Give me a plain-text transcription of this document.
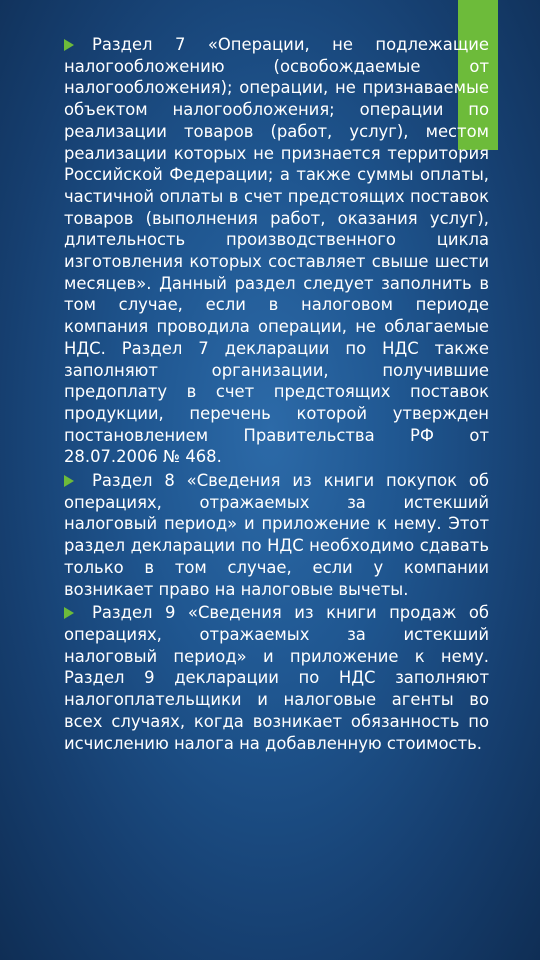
Раздел 7 «Операции, не подлежащие налогообложению (освобождаемые от налогообложения); операции, не признаваемые объектом налогообложения; операции по реализации товаров (работ, услуг), местом реализации которых не признается территория Российской Федерации; а также суммы оплаты, частичной оплаты в счет предстоящих поставок товаров (выполнения работ, оказания услуг), длительность производственного цикла изготовления которых составляет свыше шести месяцев». Данный раздел следует заполнить в том случае, если в налоговом периоде компания проводила операции, не облагаемые НДС. Раздел 7 декларации по НДС также заполняют организации, получившие предоплату в счет предстоящих поставок продукции, перечень которой утвержден постановлением Правительства РФ от 28.07.2006 № 468.
Раздел 8 «Сведения из книги покупок об операциях, отражаемых за истекший налоговый период» и приложение к нему. Этот раздел декларации по НДС необходимо сдавать только в том случае, если у компании возникает право на налоговые вычеты.
Раздел 9 «Сведения из книги продаж об операциях, отражаемых за истекший налоговый период» и приложение к нему. Раздел 9 декларации по НДС заполняют налогоплательщики и налоговые агенты во всех случаях, когда возникает обязанность по исчислению налога на добавленную стоимость.
